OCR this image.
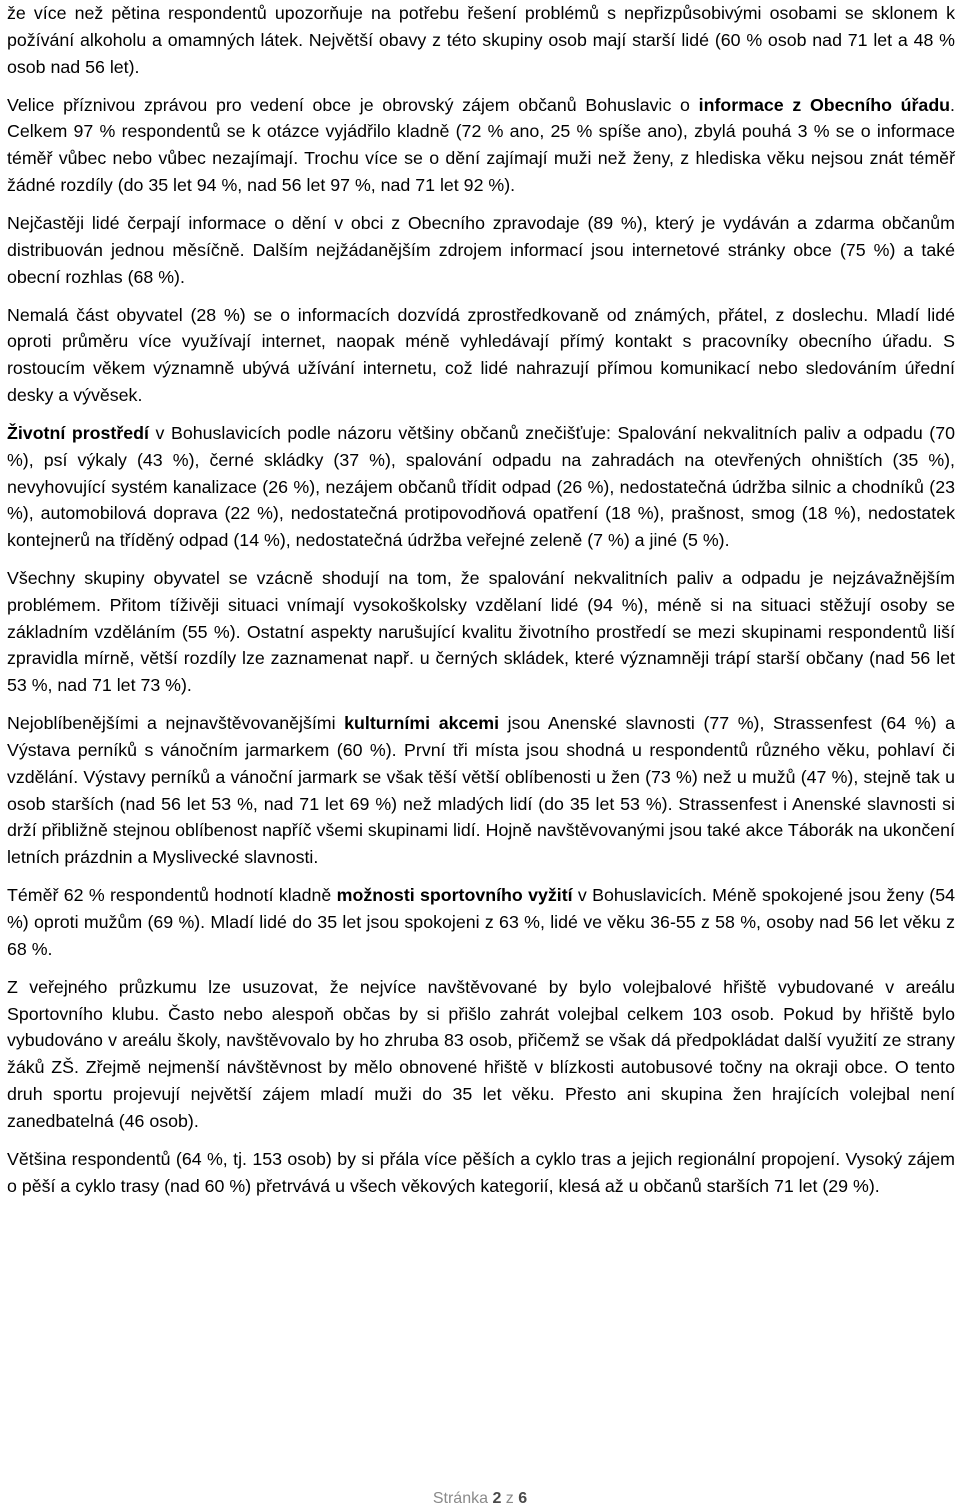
že více než pětina respondentů upozorňuje na potřebu řešení problémů s nepřizpůsobivými osobami se sklonem k požívání alkoholu a omamných látek. Největší obavy z této skupiny osob mají starší lidé (60 % osob nad 71 let a 48 % osob nad 56 let).

Velice příznivou zprávou pro vedení obce je obrovský zájem občanů Bohuslavic o informace z Obecního úřadu. Celkem 97 % respondentů se k otázce vyjádřilo kladně (72 % ano, 25 % spíše ano), zbylá pouhá 3 % se o informace téměř vůbec nebo vůbec nezajímají. Trochu více se o dění zajímají muži než ženy, z hlediska věku nejsou znát téměř žádné rozdíly (do 35 let 94 %, nad 56 let 97 %, nad 71 let 92 %).

Nejčastěji lidé čerpají informace o dění v obci z Obecního zpravodaje (89 %), který je vydáván a zdarma občanům distribuován jednou měsíčně. Dalším nejžádanějším zdrojem informací jsou internetové stránky obce (75 %) a také obecní rozhlas (68 %).

Nemalá část obyvatel (28 %) se o informacích dozvídá zprostředkovaně od známých, přátel, z doslechu. Mladí lidé oproti průměru více využívají internet, naopak méně vyhledávají přímý kontakt s pracovníky obecního úřadu. S rostoucím věkem významně ubývá užívání internetu, což lidé nahrazují přímou komunikací nebo sledováním úřední desky a vývěsek.

Životní prostředí v Bohuslavicích podle názoru většiny občanů znečišťuje: Spalování nekvalitních paliv a odpadu (70 %), psí výkaly (43 %), černé skládky (37 %), spalování odpadu na zahradách na otevřených ohništích (35 %), nevyhovující systém kanalizace (26 %), nezájem občanů třídit odpad (26 %), nedostatečná údržba silnic a chodníků (23 %), automobilová doprava (22 %), nedostatečná protipovodňová opatření (18 %), prašnost, smog (18 %), nedostatek kontejnerů na tříděný odpad (14 %), nedostatečná údržba veřejné zeleně (7 %) a jiné (5 %).

Všechny skupiny obyvatel se vzácně shodují na tom, že spalování nekvalitních paliv a odpadu je nejzávažnějším problémem. Přitom tíživěji situaci vnímají vysokoškolsky vzdělaní lidé (94 %), méně si na situaci stěžují osoby se základním vzděláním (55 %). Ostatní aspekty narušující kvalitu životního prostředí se mezi skupinami respondentů liší zpravidla mírně, větší rozdíly lze zaznamenat např. u černých skládek, které významněji trápí starší občany (nad 56 let 53 %, nad 71 let 73 %).

Nejoblíbenějšími a nejnavštěvovanějšími kulturními akcemi jsou Anenské slavnosti (77 %), Strassenfest (64 %) a Výstava perníků s vánočním jarmarkem (60 %). První tři místa jsou shodná u respondentů různého věku, pohlaví či vzdělání. Výstavy perníků a vánoční jarmark se však těší větší oblíbenosti u žen (73 %) než u mužů (47 %), stejně tak u osob starších (nad 56 let 53 %, nad 71 let 69 %) než mladých lidí (do 35 let 53 %). Strassenfest i Anenské slavnosti si drží přibližně stejnou oblíbenost napříč všemi skupinami lidí. Hojně navštěvovanými jsou také akce Táborák na ukončení letních prázdnin a Myslivecké slavnosti.

Téměř 62 % respondentů hodnotí kladně možnosti sportovního vyžití v Bohuslavicích. Méně spokojené jsou ženy (54 %) oproti mužům (69 %). Mladí lidé do 35 let jsou spokojeni z 63 %, lidé ve věku 36-55 z 58 %, osoby nad 56 let věku z 68 %.

Z veřejného průzkumu lze usuzovat, že nejvíce navštěvované by bylo volejbalové hřiště vybudované v areálu Sportovního klubu. Často nebo alespoň občas by si přišlo zahrát volejbal celkem 103 osob. Pokud by hřiště bylo vybudováno v areálu školy, navštěvovalo by ho zhruba 83 osob, přičemž se však dá předpokládat další využití ze strany žáků ZŠ. Zřejmě nejmenší návštěvnost by mělo obnovené hřiště v blízkosti autobusové točny na okraji obce. O tento druh sportu projevují největší zájem mladí muži do 35 let věku. Přesto ani skupina žen hrajících volejbal není zanedbatelná (46 osob).

Většina respondentů (64 %, tj. 153 osob) by si přála více pěších a cyklo tras a jejich regionální propojení. Vysoký zájem o pěší a cyklo trasy (nad 60 %) přetrvává u všech věkových kategorií, klesá až u občanů starších 71 let (29 %).

Stránka 2 z 6
